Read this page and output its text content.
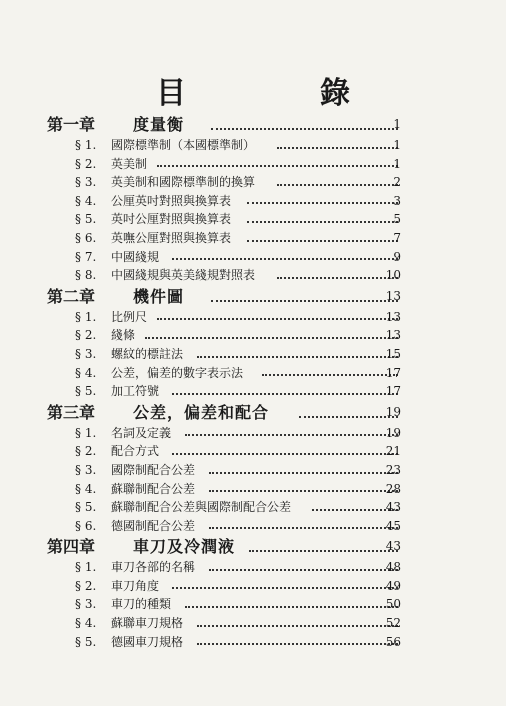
目　錄
第一章 度量衡	1
§ 1. 國際標準制（本國標準制）	1
§ 2. 英美制	1
§ 3. 英美制和國際標準制的換算	2
§ 4. 公厘英吋對照與換算表	3
§ 5. 英吋公厘對照與換算表	5
§ 6. 英嘸公厘對照與換算表	7
§ 7. 中國綫規	9
§ 8. 中國綫規與英美綫規對照表	10
第二章 機件圖	13
§ 1. 比例尺	13
§ 2. 綫條	13
§ 3. 螺紋的標註法	15
§ 4. 公差，偏差的數字表示法	17
§ 5. 加工符號	17
第三章 公差，偏差和配合	19
§ 1. 名詞及定義	19
§ 2. 配合方式	21
§ 3. 國際制配合公差	23
§ 4. 蘇聯制配合公差	28
§ 5. 蘇聯制配合公差與國際制配合公差	43
§ 6. 德國制配合公差	45
第四章 車刀及冷潤液	43
§ 1. 車刀各部的名稱	48
§ 2. 車刀角度	49
§ 3. 車刀的種類	50
§ 4. 蘇聯車刀規格	52
§ 5. 德國車刀規格	56
